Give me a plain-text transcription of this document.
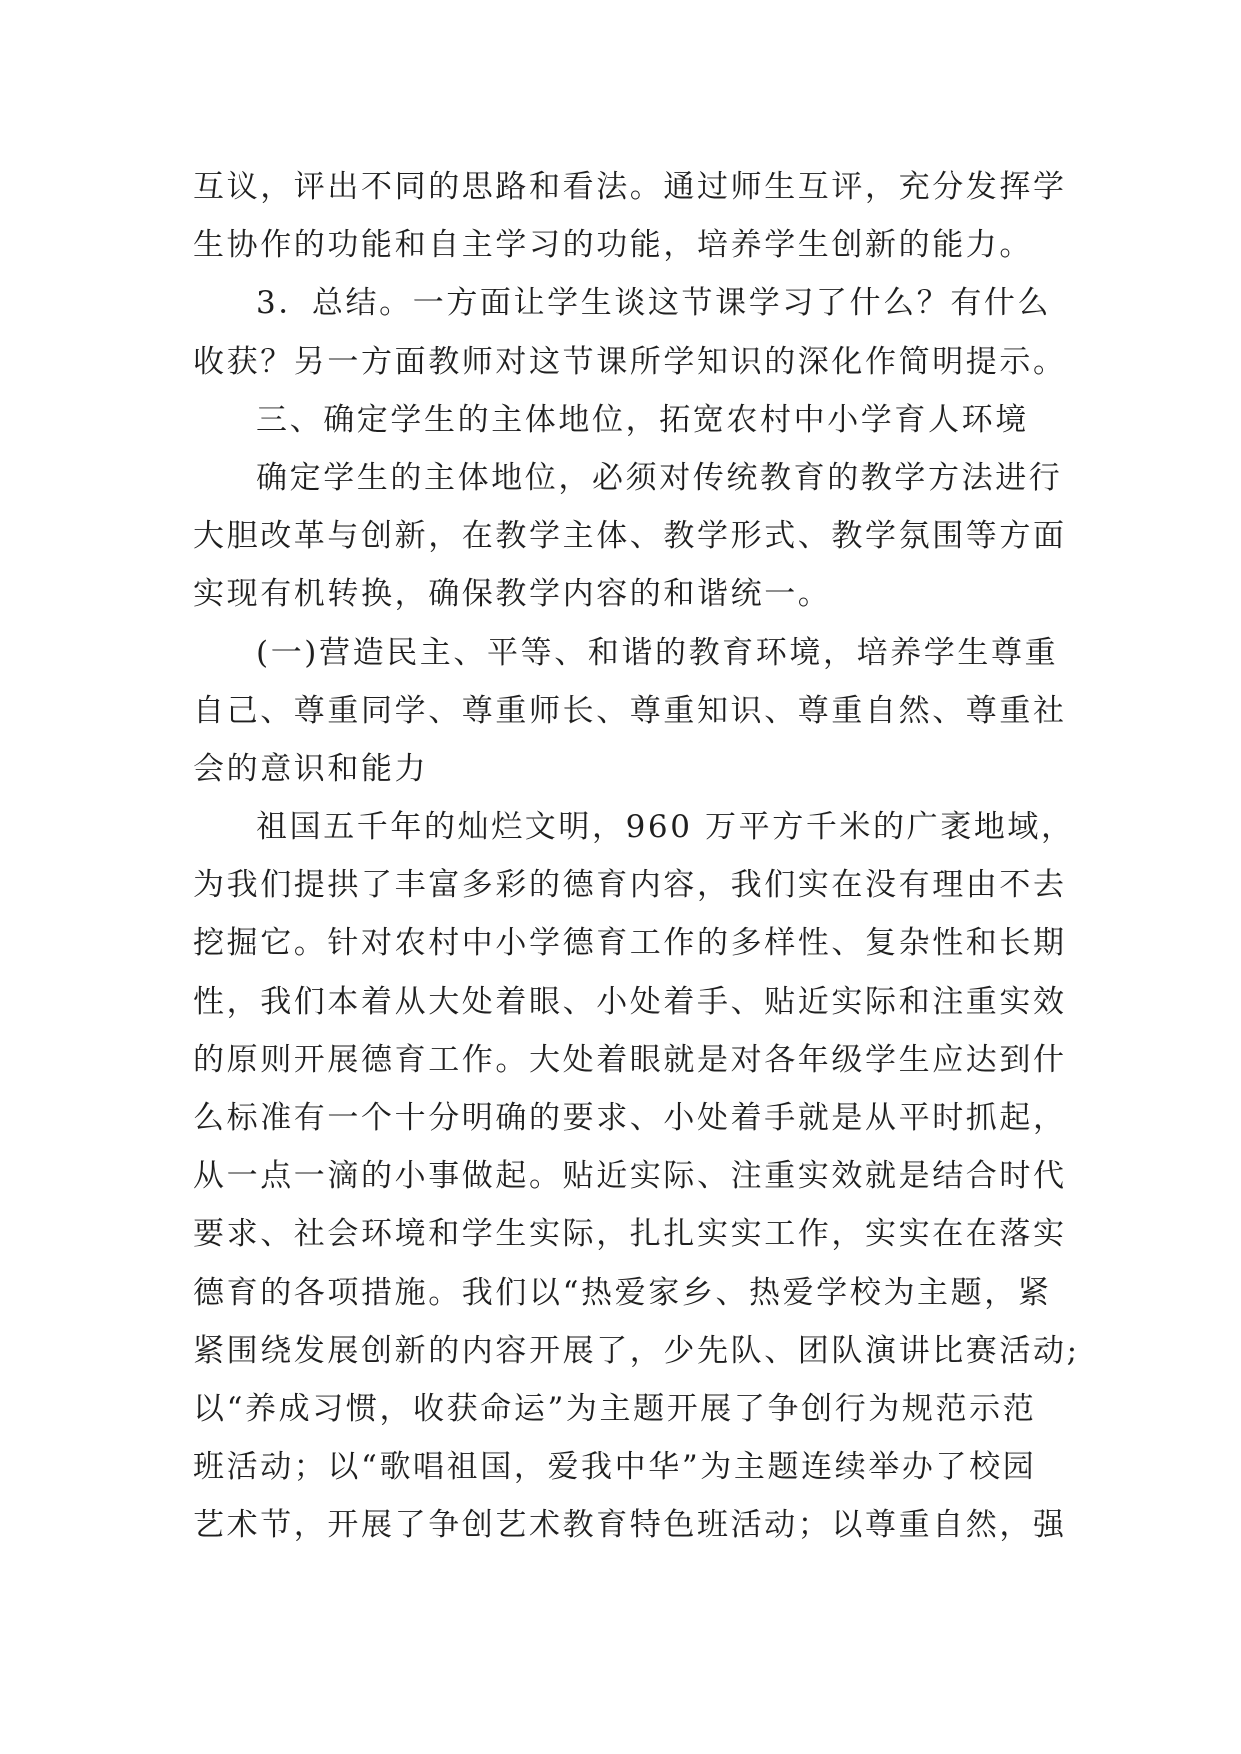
互议，评出不同的思路和看法。通过师生互评，充分发挥学
生协作的功能和自主学习的功能，培养学生创新的能力。
3．总结。一方面让学生谈这节课学习了什么？有什么
收获？另一方面教师对这节课所学知识的深化作简明提示。
三、确定学生的主体地位，拓宽农村中小学育人环境
确定学生的主体地位，必须对传统教育的教学方法进行
大胆改革与创新，在教学主体、教学形式、教学氛围等方面
实现有机转换，确保教学内容的和谐统一。
(一)营造民主、平等、和谐的教育环境，培养学生尊重
自己、尊重同学、尊重师长、尊重知识、尊重自然、尊重社
会的意识和能力
祖国五千年的灿烂文明，960 万平方千米的广袤地域，
为我们提拱了丰富多彩的德育内容，我们实在没有理由不去
挖掘它。针对农村中小学德育工作的多样性、复杂性和长期
性，我们本着从大处着眼、小处着手、贴近实际和注重实效
的原则开展德育工作。大处着眼就是对各年级学生应达到什
么标准有一个十分明确的要求、小处着手就是从平时抓起，
从一点一滴的小事做起。贴近实际、注重实效就是结合时代
要求、社会环境和学生实际，扎扎实实工作，实实在在落实
德育的各项措施。我们以“热爱家乡、热爱学校为主题，紧
紧围绕发展创新的内容开展了，少先队、团队演讲比赛活动;
以“养成习惯，收获命运”为主题开展了争创行为规范示范
班活动；以“歌唱祖国，爱我中华”为主题连续举办了校园
艺术节，开展了争创艺术教育特色班活动；以尊重自然，强
